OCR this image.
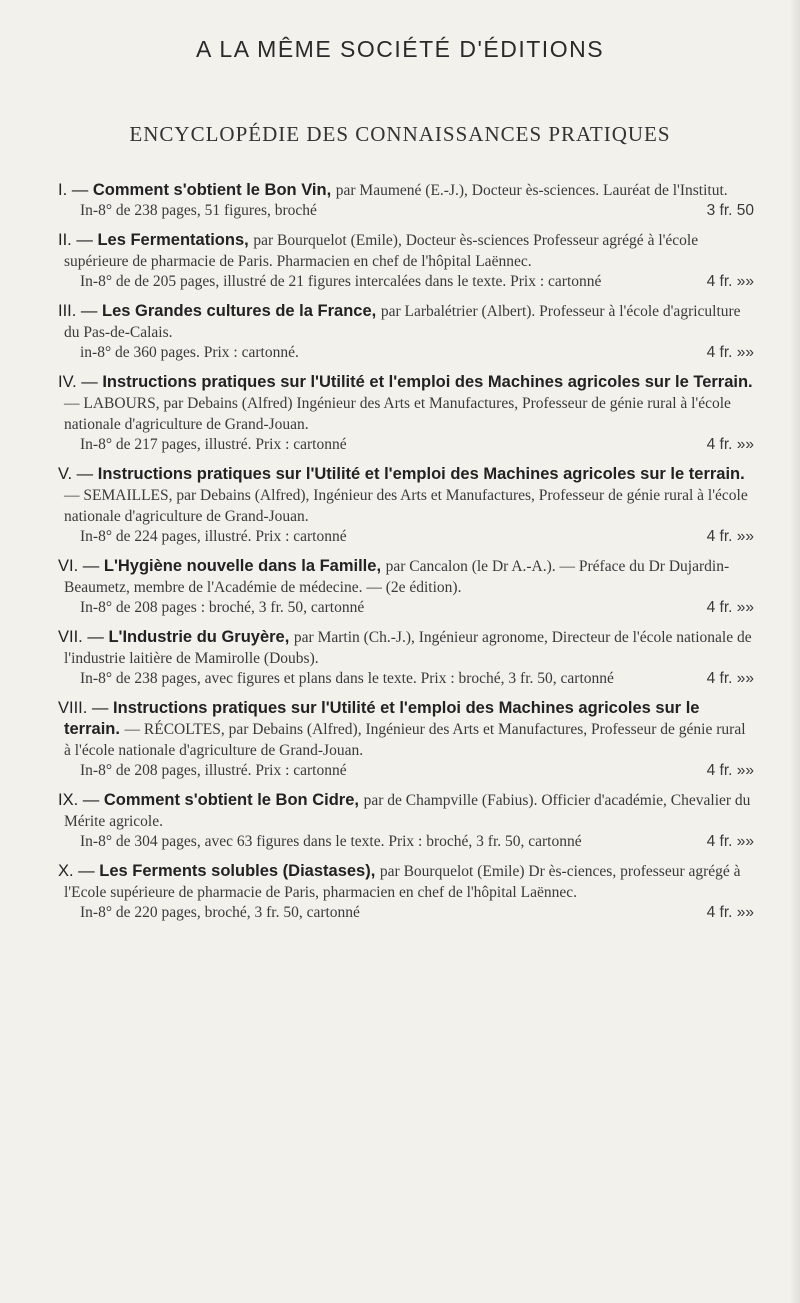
A LA MÊME SOCIÉTÉ D'ÉDITIONS
ENCYCLOPÉDIE DES CONNAISSANCES PRATIQUES
I. — Comment s'obtient le Bon Vin, par Maumené (E.-J.), Docteur ès-sciences. Lauréat de l'Institut.
In-8° de 238 pages, 51 figures, broché	3 fr. 50
II. — Les Fermentations, par Bourquelot (Emile), Docteur ès-sciences Professeur agrégé à l'école supérieure de pharmacie de Paris. Pharmacien en chef de l'hôpital Laënnec.
In-8° de de 205 pages, illustré de 21 figures intercalées dans le texte. Prix : cartonné	4 fr. »»
III. — Les Grandes cultures de la France, par Larbalétrier (Albert). Professeur à l'école d'agriculture du Pas-de-Calais.
in-8° de 360 pages. Prix : cartonné.	4 fr. »»
IV. — Instructions pratiques sur l'Utilité et l'emploi des Machines agricoles sur le Terrain. — LABOURS, par Debains (Alfred) Ingénieur des Arts et Manufactures, Professeur de génie rural à l'école nationale d'agriculture de Grand-Jouan.
In-8° de 217 pages, illustré. Prix : cartonné	4 fr. »»
V. — Instructions pratiques sur l'Utilité et l'emploi des Machines agricoles sur le terrain. — SEMAILLES, par Debains (Alfred), Ingénieur des Arts et Manufactures, Professeur de génie rural à l'école nationale d'agriculture de Grand-Jouan.
In-8° de 224 pages, illustré. Prix : cartonné	4 fr. »»
VI. — L'Hygiène nouvelle dans la Famille, par Cancalon (le Dr A.-A.). — Préface du Dr Dujardin-Beaumetz, membre de l'Académie de médecine. — (2e édition).
In-8° de 208 pages : broché, 3 fr. 50, cartonné	4 fr. »»
VII. — L'Industrie du Gruyère, par Martin (Ch.-J.), Ingénieur agronome, Directeur de l'école nationale de l'industrie laitière de Mamirolle (Doubs).
In-8° de 238 pages, avec figures et plans dans le texte. Prix : broché, 3 fr. 50, cartonné	4 fr. »»
VIII. — Instructions pratiques sur l'Utilité et l'emploi des Machines agricoles sur le terrain. — RÉCOLTES, par Debains (Alfred), Ingénieur des Arts et Manufactures, Professeur de génie rural à l'école nationale d'agriculture de Grand-Jouan.
In-8° de 208 pages, illustré. Prix : cartonné	4 fr. »»
IX. — Comment s'obtient le Bon Cidre, par de Champville (Fabius). Officier d'académie, Chevalier du Mérite agricole.
In-8° de 304 pages, avec 63 figures dans le texte. Prix : broché, 3 fr. 50, cartonné	4 fr. »»
X. — Les Ferments solubles (Diastases), par Bourquelot (Emile) Dr ès-ciences, professeur agrégé à l'Ecole supérieure de pharmacie de Paris, pharmacien en chef de l'hôpital Laënnec.
In-8° de 220 pages, broché, 3 fr. 50, cartonné	4 fr. »»
